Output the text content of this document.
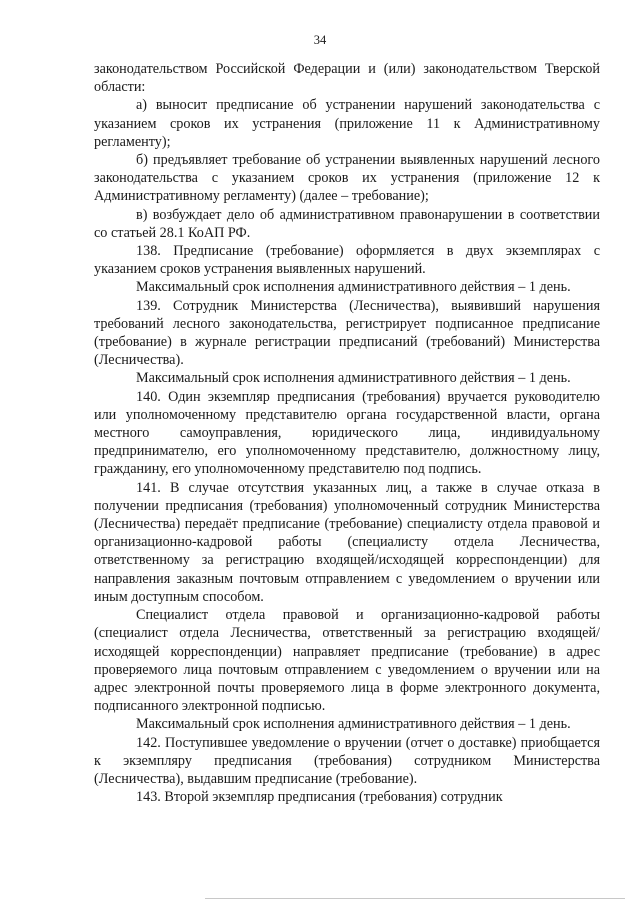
34

законодательством Российской Федерации и (или) законодательством Тверской области:

а) выносит предписание об устранении нарушений законодательства с указанием сроков их устранения (приложение 11 к Административному регламенту);

б) предъявляет требование об устранении выявленных нарушений лесного законодательства с указанием сроков их устранения (приложение 12 к Административному регламенту) (далее – требование);

в) возбуждает дело об административном правонарушении в соответствии со статьей 28.1 КоАП РФ.

138. Предписание (требование) оформляется в двух экземплярах с указанием сроков устранения выявленных нарушений.

Максимальный срок исполнения административного действия – 1 день.

139. Сотрудник Министерства (Лесничества), выявивший нарушения требований лесного законодательства, регистрирует подписанное предписание (требование) в журнале регистрации предписаний (требований) Министерства (Лесничества).

Максимальный срок исполнения административного действия – 1 день.

140. Один экземпляр предписания (требования) вручается руководителю или уполномоченному представителю органа государственной власти, органа местного самоуправления, юридического лица, индивидуальному предпринимателю, его уполномоченному представителю, должностному лицу, гражданину, его уполномоченному представителю под подпись.

141. В случае отсутствия указанных лиц, а также в случае отказа в получении предписания (требования) уполномоченный сотрудник Министерства (Лесничества) передаёт предписание (требование) специалисту отдела правовой и организационно-кадровой работы (специалисту отдела Лесничества, ответственному за регистрацию входящей/исходящей корреспонденции) для направления заказным почтовым отправлением с уведомлением о вручении или иным доступным способом.

Специалист отдела правовой и организационно-кадровой работы (специалист отдела Лесничества, ответственный за регистрацию входящей/исходящей корреспонденции) направляет предписание (требование) в адрес проверяемого лица почтовым отправлением с уведомлением о вручении или на адрес электронной почты проверяемого лица в форме электронного документа, подписанного электронной подписью.

Максимальный срок исполнения административного действия – 1 день.

142. Поступившее уведомление о вручении (отчет о доставке) приобщается к экземпляру предписания (требования) сотрудником Министерства (Лесничества), выдавшим предписание (требование).

143. Второй экземпляр предписания (требования) сотрудник
